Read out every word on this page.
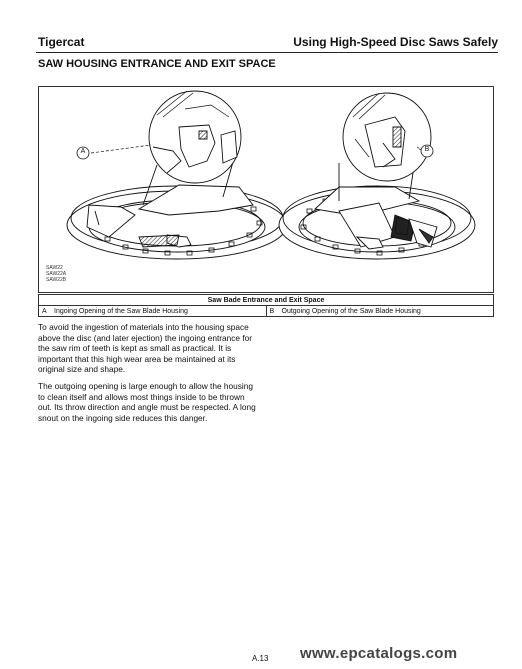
Tigercat	Using High-Speed Disc Saws Safely
SAW HOUSING ENTRANCE AND EXIT SPACE
A	B
SAW22
SAW22A
SAW22B
Saw Bade Entrance and Exit Space
A Ingoing Opening of the Saw Blade Housing	B Outgoing Opening of the Saw Blade Housing
To avoid the ingestion of materials into the housing space above the disc (and later ejection) the ingoing entrance for the saw rim of teeth is kept as small as practical. It is important that this high wear area be maintained at its original size and shape.
The outgoing opening is large enough to allow the housing to clean itself and allows most things inside to be thrown out. Its throw direction and angle must be respected. A long snout on the ingoing side reduces this danger.
A.13 www.epcatalogs.com
